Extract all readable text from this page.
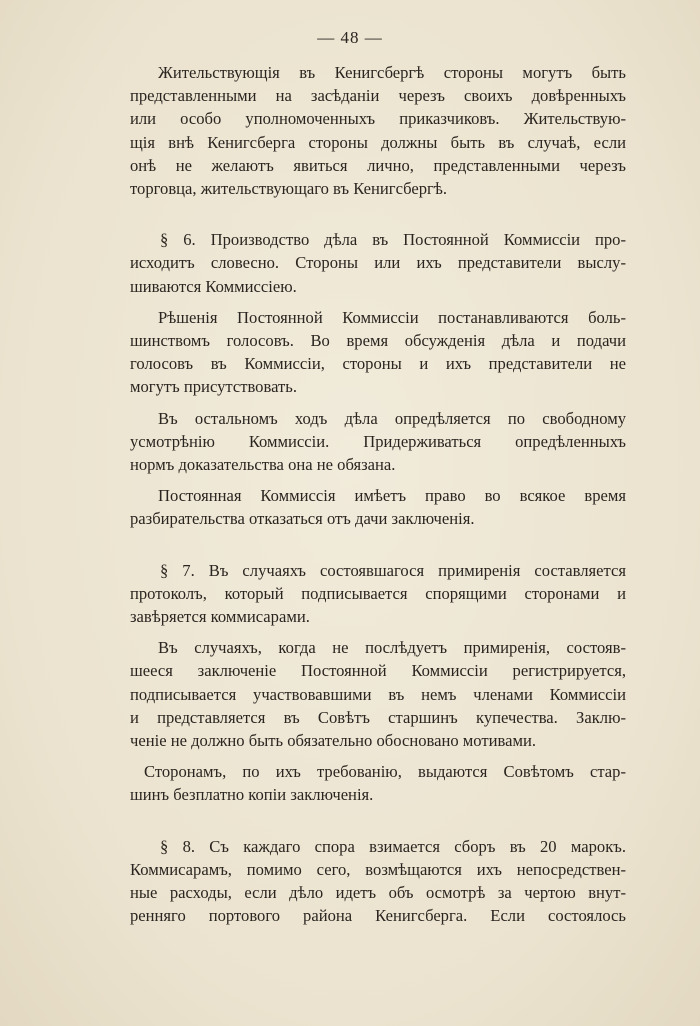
— 48 —
Жительствующія въ Кенигсбергѣ стороны могутъ быть
представленными на засѣданіи черезъ своихъ довѣренныхъ
или особо уполномоченныхъ приказчиковъ. Жительствую-
щія внѣ Кенигсберга стороны должны быть въ случаѣ, если
онѣ не желаютъ явиться лично, представленными черезъ
торговца, жительствующаго въ Кенигсбергѣ.
§ 6. Производство дѣла въ Постоянной Коммиссіи про-
исходитъ словесно. Стороны или ихъ представители выслу-
шиваются Коммиссіею.
Рѣшенія Постоянной Коммиссіи постанавливаются боль-
шинствомъ голосовъ. Во время обсужденія дѣла и подачи
голосовъ въ Коммиссіи, стороны и ихъ представители не
могутъ присутствовать.
Въ остальномъ ходъ дѣла опредѣляется по свободному
усмотрѣнію Коммиссіи. Придерживаться опредѣленныхъ
нормъ доказательства она не обязана.
Постоянная Коммиссія имѣетъ право во всякое время
разбирательства отказаться отъ дачи заключенія.
§ 7. Въ случаяхъ состоявшагося примиренія составляется
протоколъ, который подписывается спорящими сторонами и
завѣряется коммисарами.
Въ случаяхъ, когда не послѣдуетъ примиренія, состояв-
шееся заключеніе Постоянной Коммиссіи регистрируется,
подписывается участвовавшими въ немъ членами Коммиссіи
и представляется въ Совѣтъ старшинъ купечества. Заклю-
ченіе не должно быть обязательно обосновано мотивами.
Сторонамъ, по ихъ требованію, выдаются Совѣтомъ стар-
шинъ безплатно копіи заключенія.
§ 8. Съ каждаго спора взимается сборъ въ 20 марокъ.
Коммисарамъ, помимо сего, возмѣщаются ихъ непосредствен-
ные расходы, если дѣло идетъ объ осмотрѣ за чертою внут-
ренняго портового района Кенигсберга. Если состоялось
